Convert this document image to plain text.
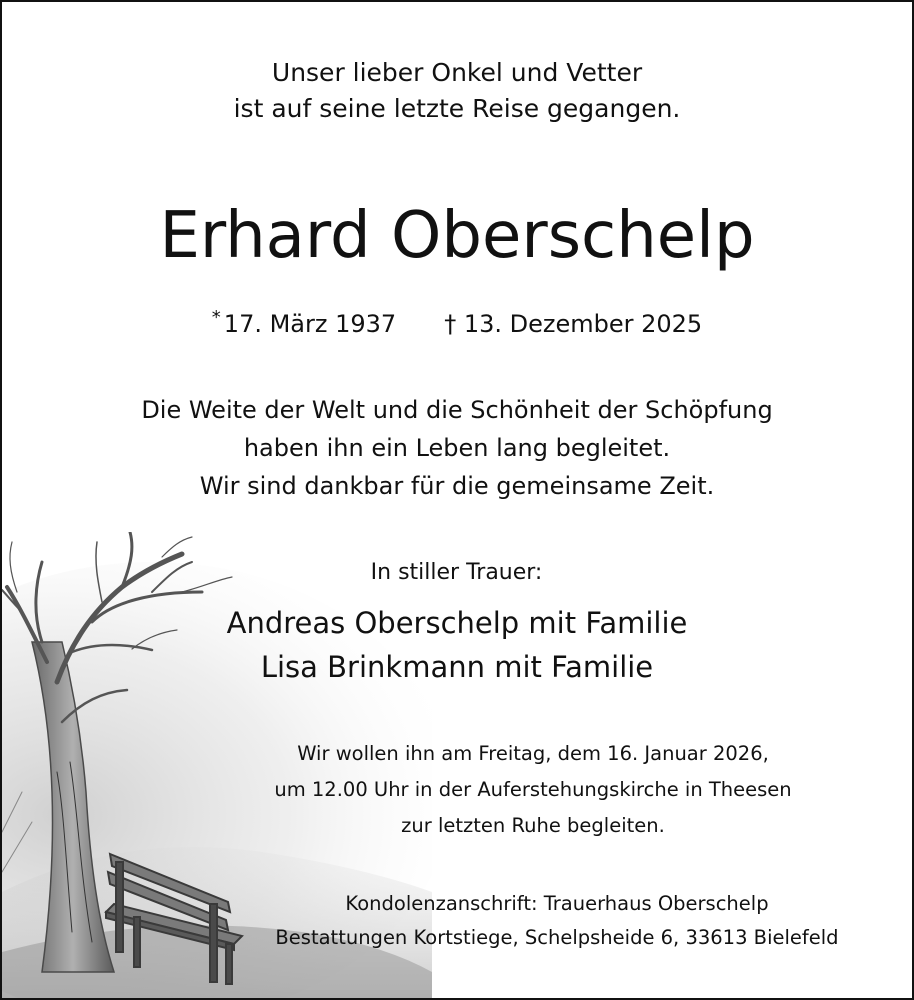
Unser lieber Onkel und Vetter
ist auf seine letzte Reise gegangen.
Erhard Oberschelp
* 17. März 1937 † 13. Dezember 2025
Die Weite der Welt und die Schönheit der Schöpfung
haben ihn ein Leben lang begleitet.
Wir sind dankbar für die gemeinsame Zeit.
In stiller Trauer:
Andreas Oberschelp mit Familie
Lisa Brinkmann mit Familie
Wir wollen ihn am Freitag, dem 16. Januar 2026,
um 12.00 Uhr in der Auferstehungskirche in Theesen
zur letzten Ruhe begleiten.
Kondolenzanschrift: Trauerhaus Oberschelp
Bestattungen Kortstiege, Schelpsheide 6, 33613 Bielefeld
